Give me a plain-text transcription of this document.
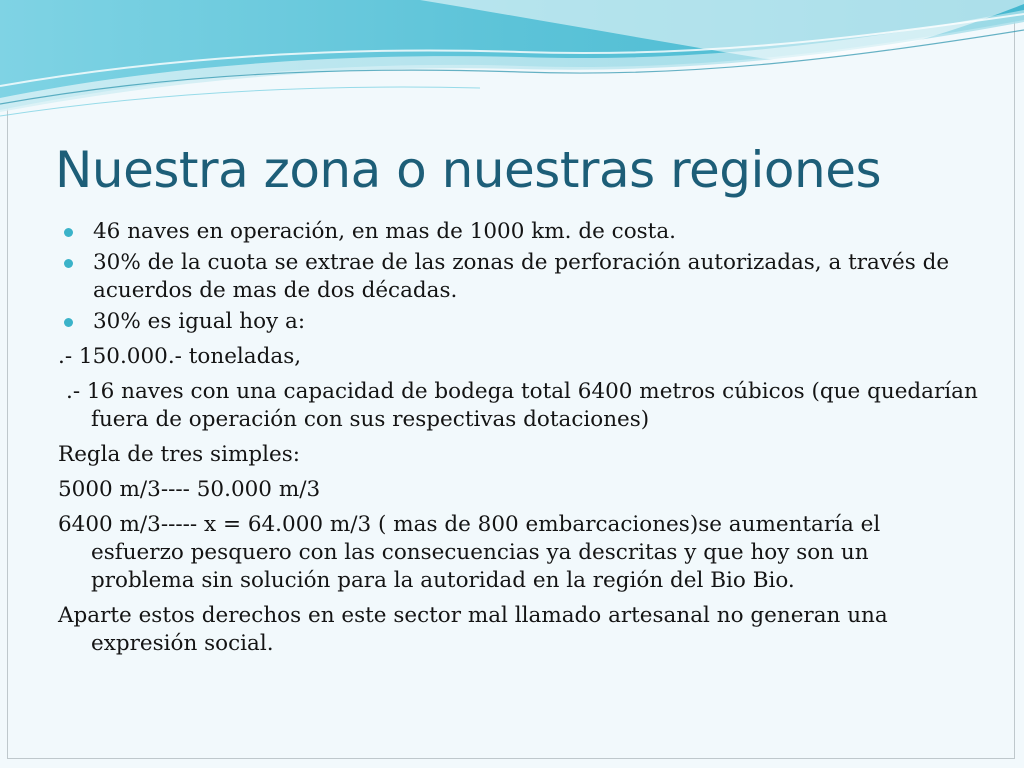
Nuestra zona o nuestras regiones

46 naves en operación, en mas de 1000 km. de costa.

30% de la cuota se extrae de las zonas de perforación autorizadas, a través de acuerdos de mas de dos décadas.

30% es igual hoy a:

.- 150.000.- toneladas,

.- 16 naves con una capacidad de bodega total 6400 metros cúbicos (que quedarían fuera de operación con sus respectivas dotaciones)

Regla de tres simples:

5000 m/3---- 50.000 m/3

6400 m/3----- x = 64.000 m/3 ( mas de 800 embarcaciones)se aumentaría el esfuerzo pesquero con las consecuencias ya descritas y que hoy son un problema sin solución para la autoridad en la región del Bio Bio.

Aparte estos derechos en este sector mal llamado artesanal no generan una expresión social.
